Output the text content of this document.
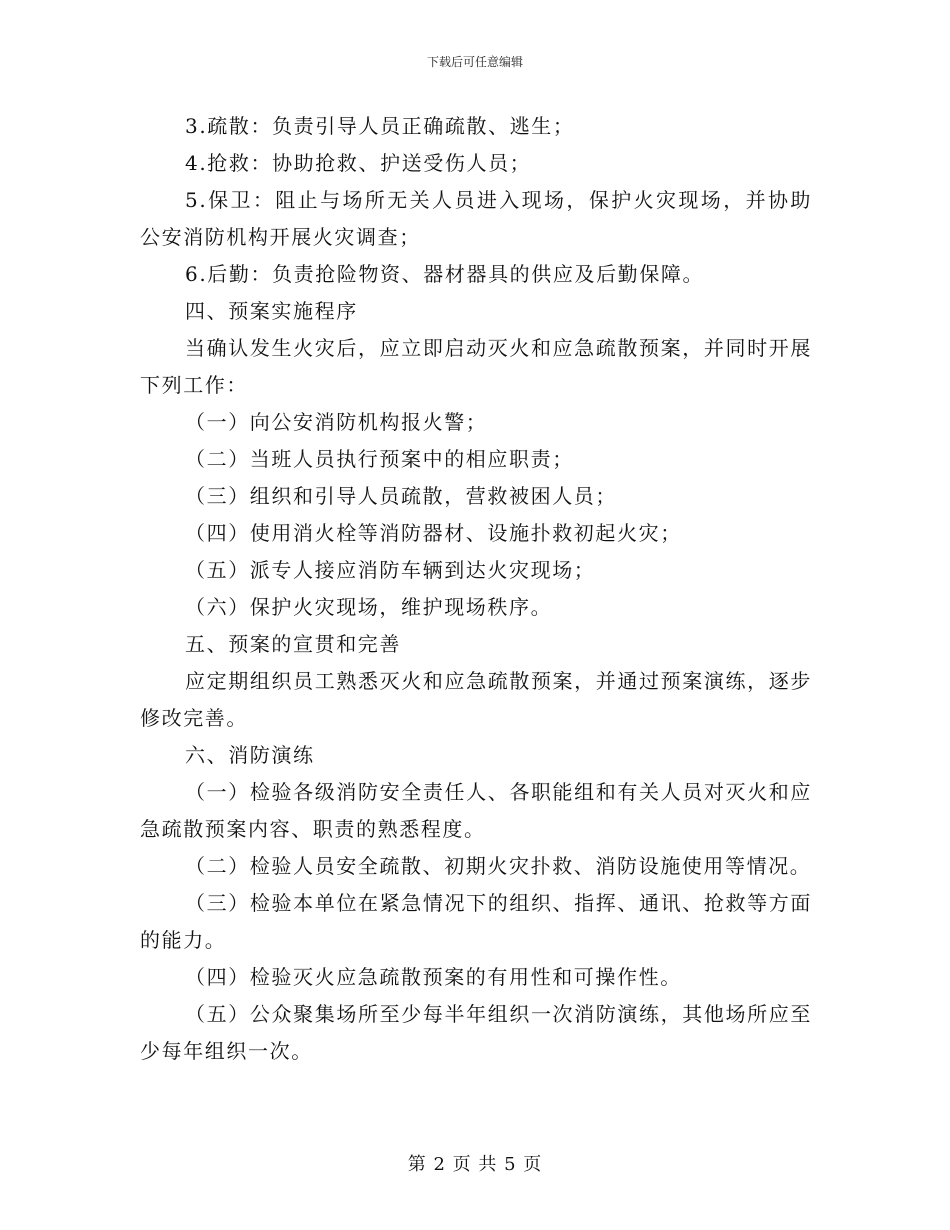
下载后可任意编辑

3.疏散：负责引导人员正确疏散、逃生；

4.抢救：协助抢救、护送受伤人员；

5.保卫：阻止与场所无关人员进入现场，保护火灾现场，并协助公安消防机构开展火灾调查；

6.后勤：负责抢险物资、器材器具的供应及后勤保障。

四、预案实施程序

当确认发生火灾后，应立即启动灭火和应急疏散预案，并同时开展下列工作：

（一）向公安消防机构报火警；

（二）当班人员执行预案中的相应职责；

（三）组织和引导人员疏散，营救被困人员；

（四）使用消火栓等消防器材、设施扑救初起火灾；

（五）派专人接应消防车辆到达火灾现场；

（六）保护火灾现场，维护现场秩序。

五、预案的宣贯和完善

应定期组织员工熟悉灭火和应急疏散预案，并通过预案演练，逐步修改完善。

六、消防演练

（一）检验各级消防安全责任人、各职能组和有关人员对灭火和应急疏散预案内容、职责的熟悉程度。

（二）检验人员安全疏散、初期火灾扑救、消防设施使用等情况。

（三）检验本单位在紧急情况下的组织、指挥、通讯、抢救等方面的能力。

（四）检验灭火应急疏散预案的有用性和可操作性。

（五）公众聚集场所至少每半年组织一次消防演练，其他场所应至少每年组织一次。

第 2 页 共 5 页
